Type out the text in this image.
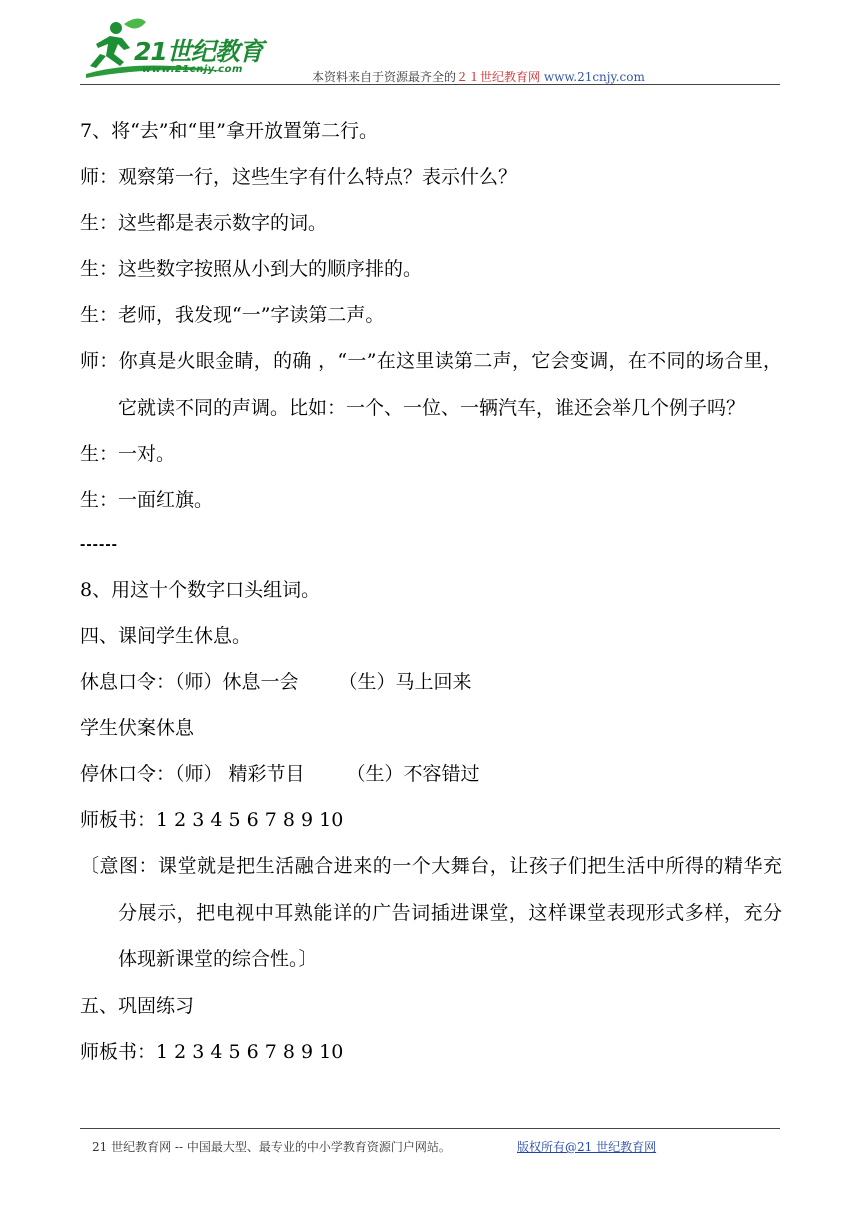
21世纪教育
www.21cnjy.com
本资料来自于资源最齐全的２１世纪教育网 www.21cnjy.com

7、将“去”和“里”拿开放置第二行。

师：观察第一行，这些生字有什么特点？表示什么？

生：这些都是表示数字的词。

生：这些数字按照从小到大的顺序排的。

生：老师，我发现“一”字读第二声。

师：你真是火眼金睛，的确 ，“一”在这里读第二声，它会变调，在不同的场合里，它就读不同的声调。比如：一个、一位、一辆汽车，谁还会举几个例子吗？

生：一对。

生：一面红旗。

------

8、用这十个数字口头组词。

四、课间学生休息。

休息口令：（师）休息一会 （生）马上回来

学生伏案休息

停休口令：（师） 精彩节目 （生）不容错过

师板书：1 2 3 4 5 6 7 8 9 10

〔意图：课堂就是把生活融合进来的一个大舞台，让孩子们把生活中所得的精华充分展示，把电视中耳熟能详的广告词插进课堂，这样课堂表现形式多样，充分体现新课堂的综合性。〕

五、巩固练习

师板书：1 2 3 4 5 6 7 8 9 10

21 世纪教育网 -- 中国最大型、最专业的中小学教育资源门户网站。	版权所有@21 世纪教育网
